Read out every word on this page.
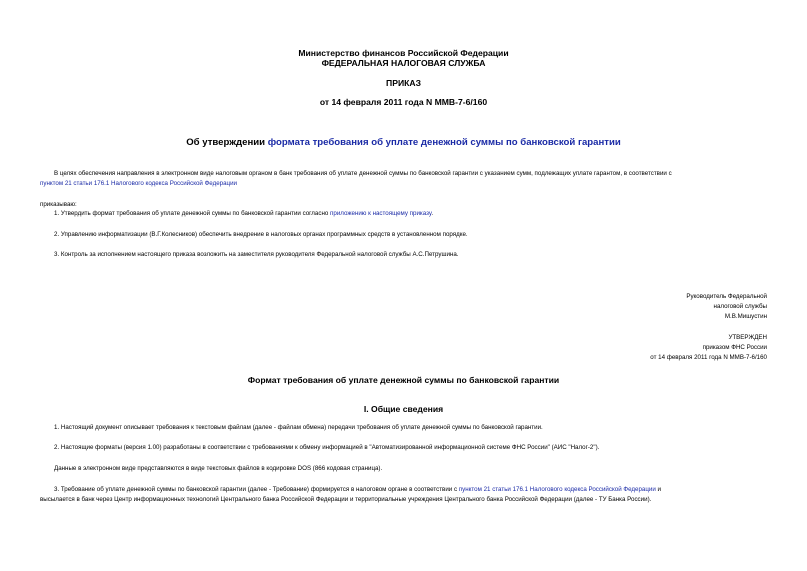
Министерство финансов Российской Федерации
ФЕДЕРАЛЬНАЯ НАЛОГОВАЯ СЛУЖБА
ПРИКАЗ
от 14 февраля 2011 года N ММВ-7-6/160
Об утверждении формата требования об уплате денежной суммы по банковской гарантии
В целях обеспечения направления в электронном виде налоговым органом в банк требования об уплате денежной суммы по банковской гарантии с указанием сумм, подлежащих уплате гарантом, в соответствии с
пунктом 21 статьи 176.1 Налогового кодекса Российской Федерации
приказываю:
1. Утвердить формат требования об уплате денежной суммы по банковской гарантии согласно приложению к настоящему приказу.
2. Управлению информатизации (В.Г.Колесников) обеспечить внедрение в налоговых органах программных средств в установленном порядке.
3. Контроль за исполнением настоящего приказа возложить на заместителя руководителя Федеральной налоговой службы А.С.Петрушина.
Руководитель Федеральной
налоговой службы
М.В.Мишустин
УТВЕРЖДЕН
приказом ФНС России
от 14 февраля 2011 года N ММВ-7-6/160
Формат требования об уплате денежной суммы по банковской гарантии
I. Общие сведения
1. Настоящий документ описывает требования к текстовым файлам (далее - файлам обмена) передачи требования об уплате денежной суммы по банковской гарантии.
2. Настоящие форматы (версия 1.00) разработаны в соответствии с требованиями к обмену информацией в "Автоматизированной информационной системе ФНС России" (АИС "Налог-2").
Данные в электронном виде представляются в виде текстовых файлов в кодировке DOS (866 кодовая страница).
3. Требование об уплате денежной суммы по банковской гарантии (далее - Требование) формируется в налоговом органе в соответствии с пунктом 21 статьи 176.1 Налогового кодекса Российской Федерации и
высылается в банк через Центр информационных технологий Центрального банка Российской Федерации и территориальные учреждения Центрального банка Российской Федерации (далее - ТУ Банка России).
